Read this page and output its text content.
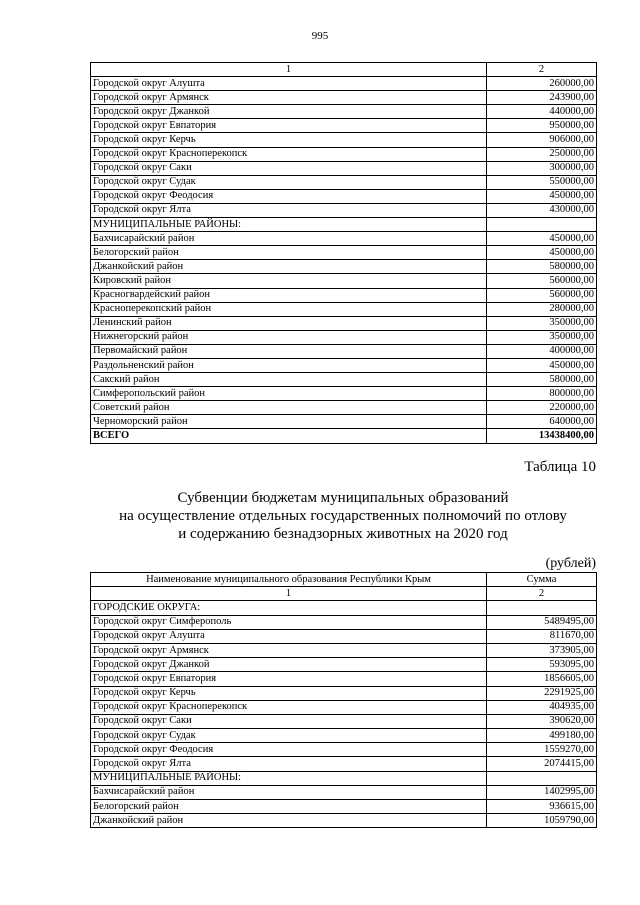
995
1	2
Городской округ Алушта	260000,00
Городской округ Армянск	243900,00
Городской округ Джанкой	440000,00
Городской округ Евпатория	950000,00
Городской округ Керчь	906000,00
Городской округ Красноперекопск	250000,00
Городской округ Саки	300000,00
Городской округ Судак	550000,00
Городской округ Феодосия	450000,00
Городской округ Ялта	430000,00
МУНИЦИПАЛЬНЫЕ РАЙОНЫ:	
Бахчисарайский район	450000,00
Белогорский район	450000,00
Джанкойский район	580000,00
Кировский район	560000,00
Красногвардейский район	560000,00
Красноперекопский район	280000,00
Ленинский район	350000,00
Нижнегорский район	350000,00
Первомайский район	400000,00
Раздольненский район	450000,00
Сакский район	580000,00
Симферопольский район	800000,00
Советский район	220000,00
Черноморский район	640000,00
ВСЕГО	13438400,00
Таблица 10
Субвенции бюджетам муниципальных образований
на осуществление отдельных государственных полномочий по отлову
и содержанию безнадзорных животных на 2020 год
(рублей)
Наименование муниципального образования Республики Крым	Сумма
1	2
ГОРОДСКИЕ ОКРУГА:	
Городской округ Симферополь	5489495,00
Городской округ Алушта	811670,00
Городской округ Армянск	373905,00
Городской округ Джанкой	593095,00
Городской округ Евпатория	1856605,00
Городской округ Керчь	2291925,00
Городской округ Красноперекопск	404935,00
Городской округ Саки	390620,00
Городской округ Судак	499180,00
Городской округ Феодосия	1559270,00
Городской округ Ялта	2074415,00
МУНИЦИПАЛЬНЫЕ РАЙОНЫ:	
Бахчисарайский район	1402995,00
Белогорский район	936615,00
Джанкойский район	1059790,00
